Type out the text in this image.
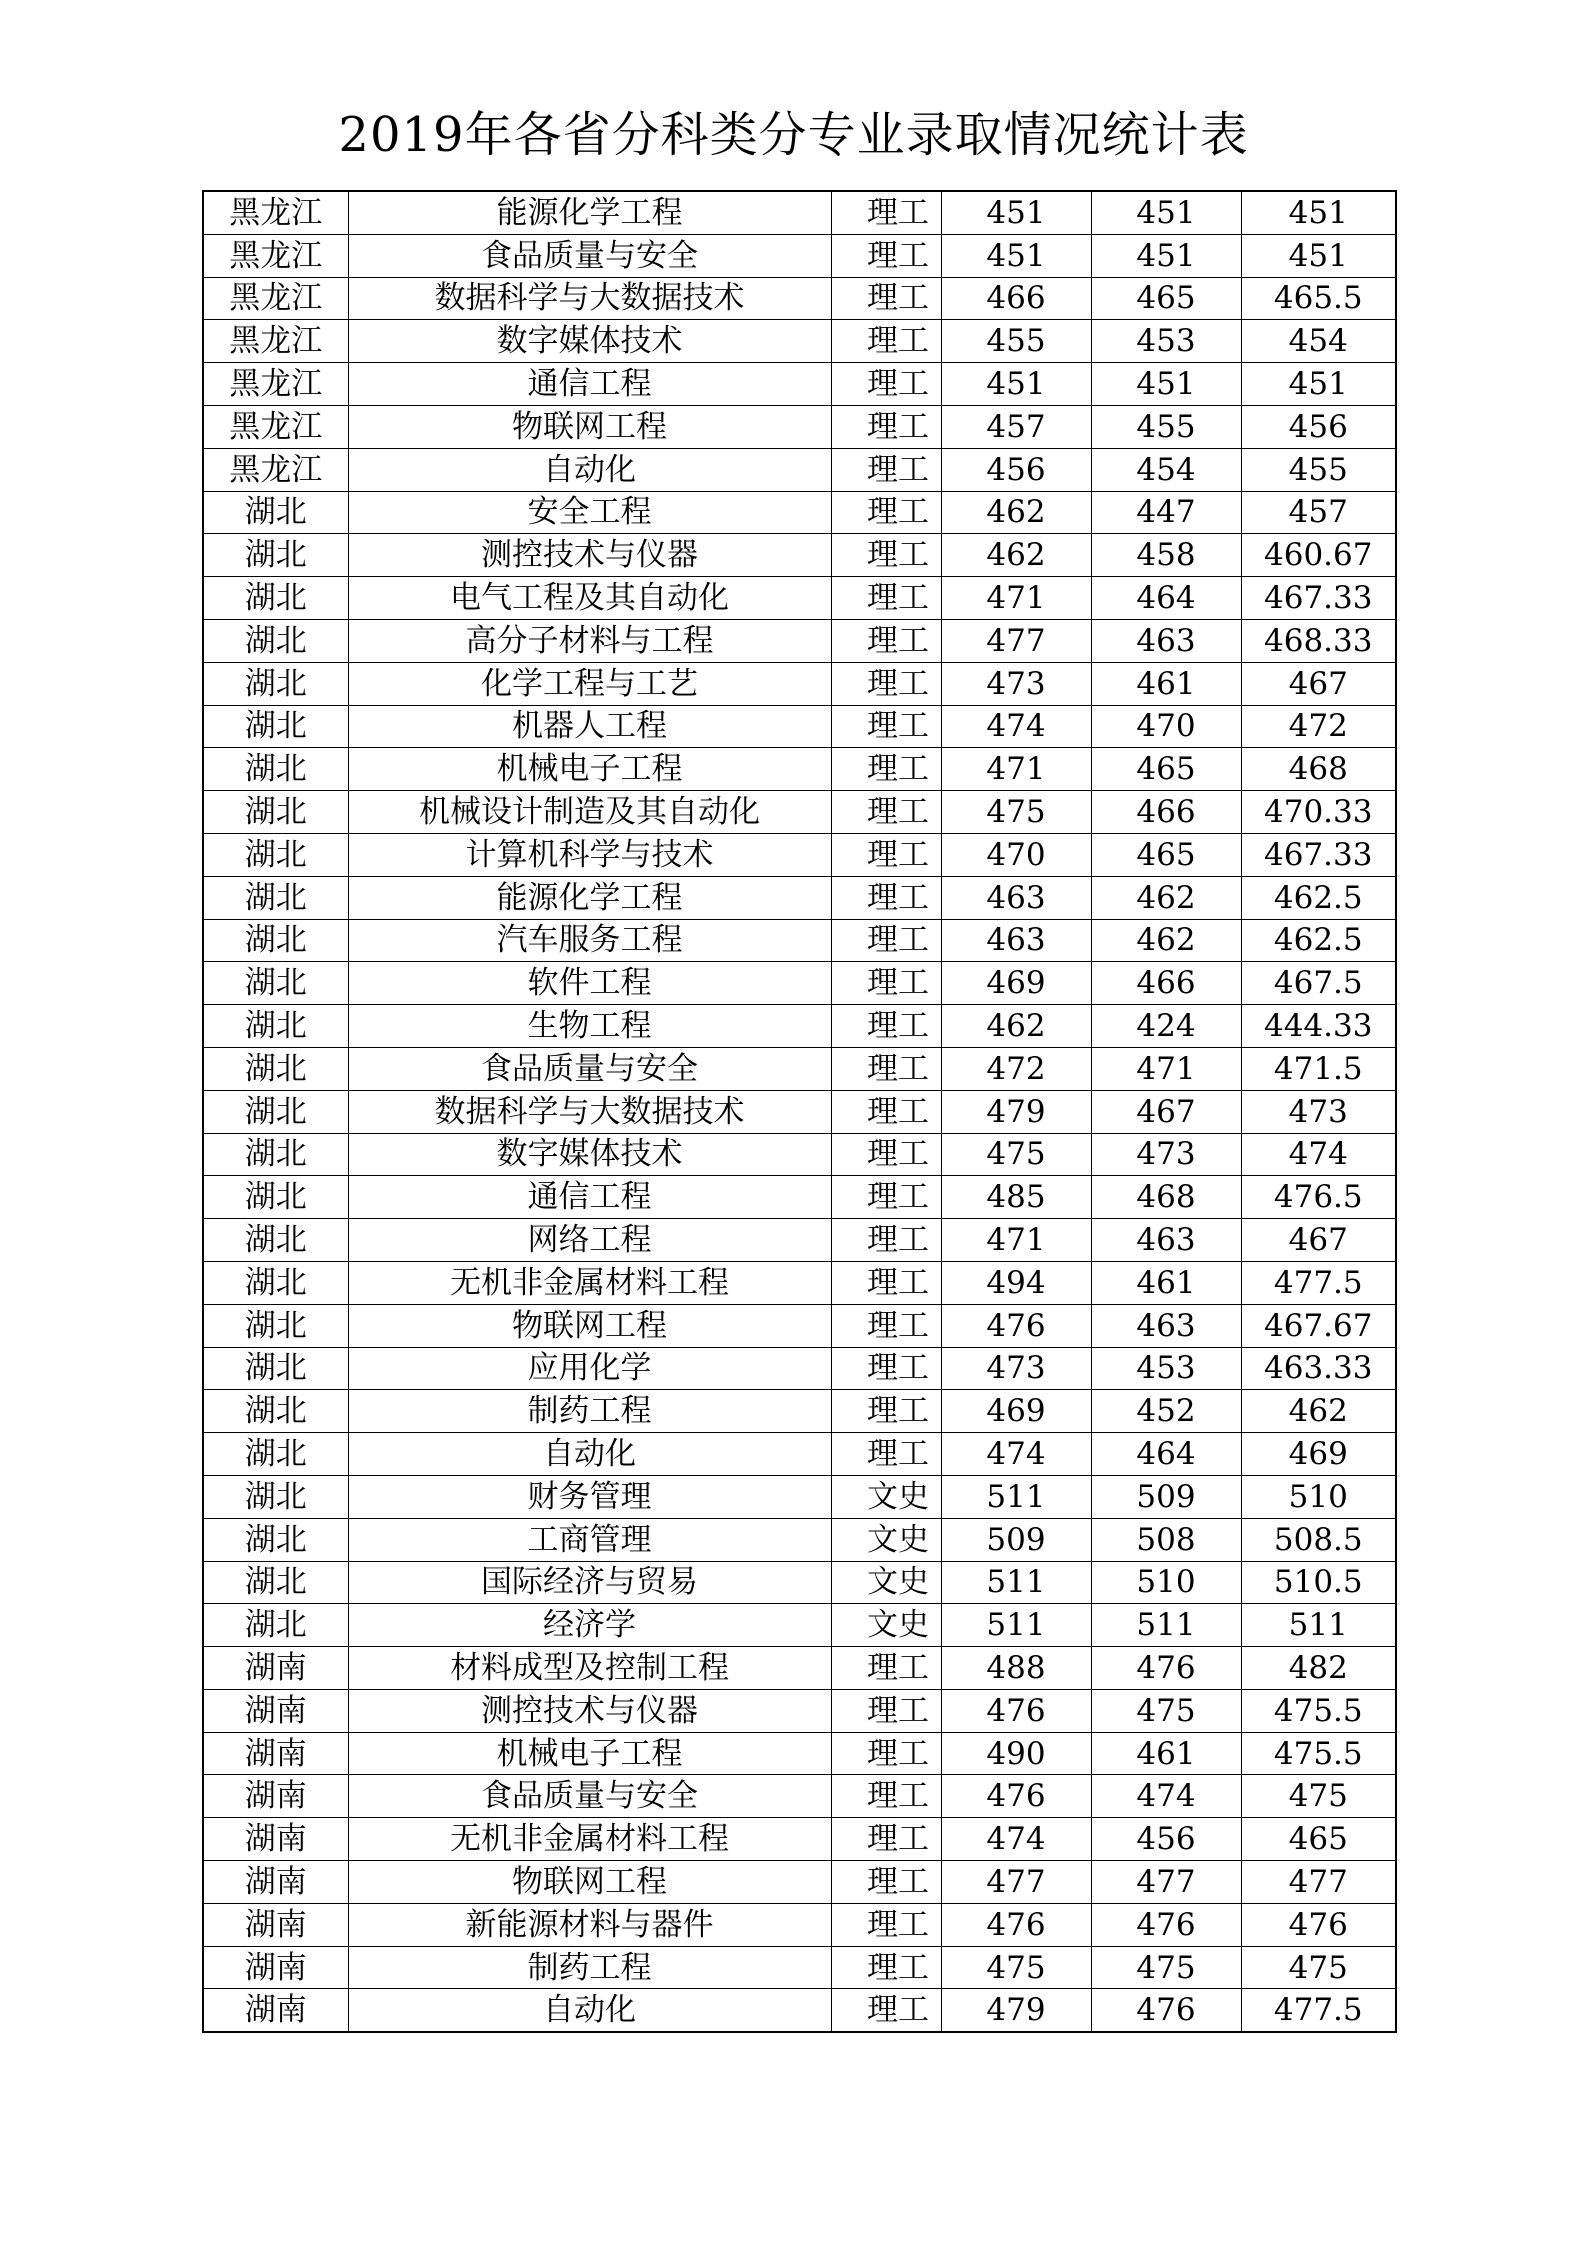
2019年各省分科类分专业录取情况统计表
黑龙江	能源化学工程	理工	451	451	451
黑龙江	食品质量与安全	理工	451	451	451
黑龙江	数据科学与大数据技术	理工	466	465	465.5
黑龙江	数字媒体技术	理工	455	453	454
黑龙江	通信工程	理工	451	451	451
黑龙江	物联网工程	理工	457	455	456
黑龙江	自动化	理工	456	454	455
湖北	安全工程	理工	462	447	457
湖北	测控技术与仪器	理工	462	458	460.67
湖北	电气工程及其自动化	理工	471	464	467.33
湖北	高分子材料与工程	理工	477	463	468.33
湖北	化学工程与工艺	理工	473	461	467
湖北	机器人工程	理工	474	470	472
湖北	机械电子工程	理工	471	465	468
湖北	机械设计制造及其自动化	理工	475	466	470.33
湖北	计算机科学与技术	理工	470	465	467.33
湖北	能源化学工程	理工	463	462	462.5
湖北	汽车服务工程	理工	463	462	462.5
湖北	软件工程	理工	469	466	467.5
湖北	生物工程	理工	462	424	444.33
湖北	食品质量与安全	理工	472	471	471.5
湖北	数据科学与大数据技术	理工	479	467	473
湖北	数字媒体技术	理工	475	473	474
湖北	通信工程	理工	485	468	476.5
湖北	网络工程	理工	471	463	467
湖北	无机非金属材料工程	理工	494	461	477.5
湖北	物联网工程	理工	476	463	467.67
湖北	应用化学	理工	473	453	463.33
湖北	制药工程	理工	469	452	462
湖北	自动化	理工	474	464	469
湖北	财务管理	文史	511	509	510
湖北	工商管理	文史	509	508	508.5
湖北	国际经济与贸易	文史	511	510	510.5
湖北	经济学	文史	511	511	511
湖南	材料成型及控制工程	理工	488	476	482
湖南	测控技术与仪器	理工	476	475	475.5
湖南	机械电子工程	理工	490	461	475.5
湖南	食品质量与安全	理工	476	474	475
湖南	无机非金属材料工程	理工	474	456	465
湖南	物联网工程	理工	477	477	477
湖南	新能源材料与器件	理工	476	476	476
湖南	制药工程	理工	475	475	475
湖南	自动化	理工	479	476	477.5
